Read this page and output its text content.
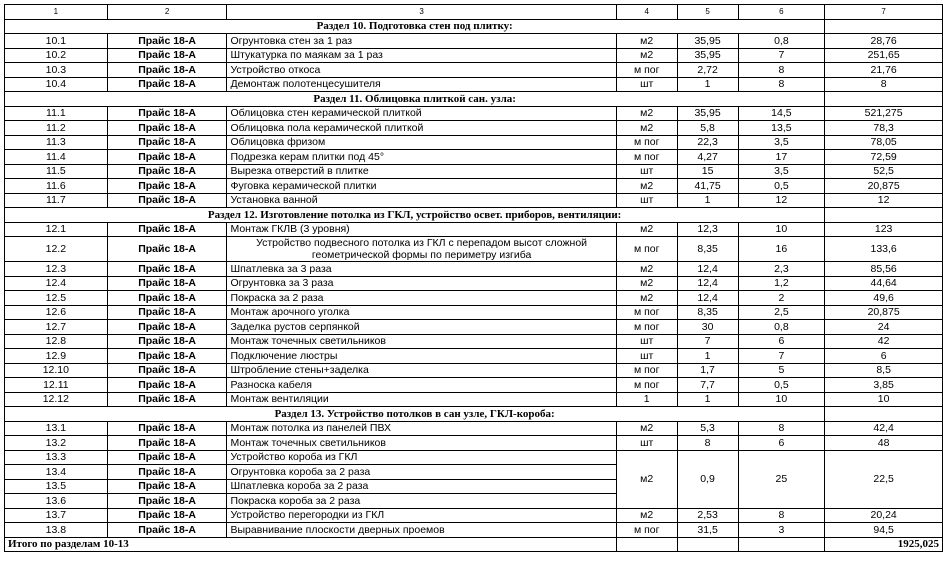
1	2	3	4	5	6	7
Раздел 10. Подготовка стен под плитку:						
10.1	Прайс 18-А	Огрунтовка стен за 1 раз	м2	35,95	0,8	28,76
10.2	Прайс 18-А	Штукатурка по маякам за 1 раз	м2	35,95	7	251,65
10.3	Прайс 18-А	Устройство откоса	м пог	2,72	8	21,76
10.4	Прайс 18-А	Демонтаж полотенцесушителя	шт	1	8	8
Раздел 11. Облицовка плиткой сан. узла:						
11.1	Прайс 18-А	Облицовка стен керамической плиткой	м2	35,95	14,5	521,275
11.2	Прайс 18-А	Облицовка пола керамической плиткой	м2	5,8	13,5	78,3
11.3	Прайс 18-А	Облицовка фризом	м пог	22,3	3,5	78,05
11.4	Прайс 18-А	Подрезка керам плитки под 45°	м пог	4,27	17	72,59
11.5	Прайс 18-А	Вырезка отверстий в плитке	шт	15	3,5	52,5
11.6	Прайс 18-А	Фуговка керамической плитки	м2	41,75	0,5	20,875
11.7	Прайс 18-А	Установка ванной	шт	1	12	12
Раздел 12. Изготовление потолка из ГКЛ, устройство освет. приборов, вентиляции:						
12.1	Прайс 18-А	Монтаж ГКЛВ (3 уровня)	м2	12,3	10	123
12.2	Прайс 18-А	Устройство подвесного потолка из ГКЛ с перепадом высот сложной геометрической формы по периметру изгиба	м пог	8,35	16	133,6
12.3	Прайс 18-А	Шпатлевка за 3 раза	м2	12,4	2,3	85,56
12.4	Прайс 18-А	Огрунтовка за 3 раза	м2	12,4	1,2	44,64
12.5	Прайс 18-А	Покраска за 2 раза	м2	12,4	2	49,6
12.6	Прайс 18-А	Монтаж арочного уголка	м пог	8,35	2,5	20,875
12.7	Прайс 18-А	Заделка рустов серпянкой	м пог	30	0,8	24
12.8	Прайс 18-А	Монтаж точечных светильников	шт	7	6	42
12.9	Прайс 18-А	Подключение люстры	шт	1	7	6
12.10	Прайс 18-А	Штробление стены+заделка	м пог	1,7	5	8,5
12.11	Прайс 18-А	Разноска кабеля	м пог	7,7	0,5	3,85
12.12	Прайс 18-А	Монтаж вентиляции	1	1	10	10
Раздел 13. Устройство потолков в сан узле, ГКЛ-короба:						
13.1	Прайс 18-А	Монтаж потолка из панелей ПВХ	м2	5,3	8	42,4
13.2	Прайс 18-А	Монтаж точечных светильников	шт	8	6	48
13.3	Прайс 18-А	Устройство короба из ГКЛ	м2	0,9	25	22,5
13.4	Прайс 18-А	Огрунтовка короба за 2 раза				
13.5	Прайс 18-А	Шпатлевка короба за 2 раза				
13.6	Прайс 18-А	Покраска короба за 2 раза				
13.7	Прайс 18-А	Устройство перегородки из ГКЛ	м2	2,53	8	20,24
13.8	Прайс 18-А	Выравнивание плоскости дверных проемов	м пог	31,5	3	94,5
Итого по разделам 10-13						1925,025
